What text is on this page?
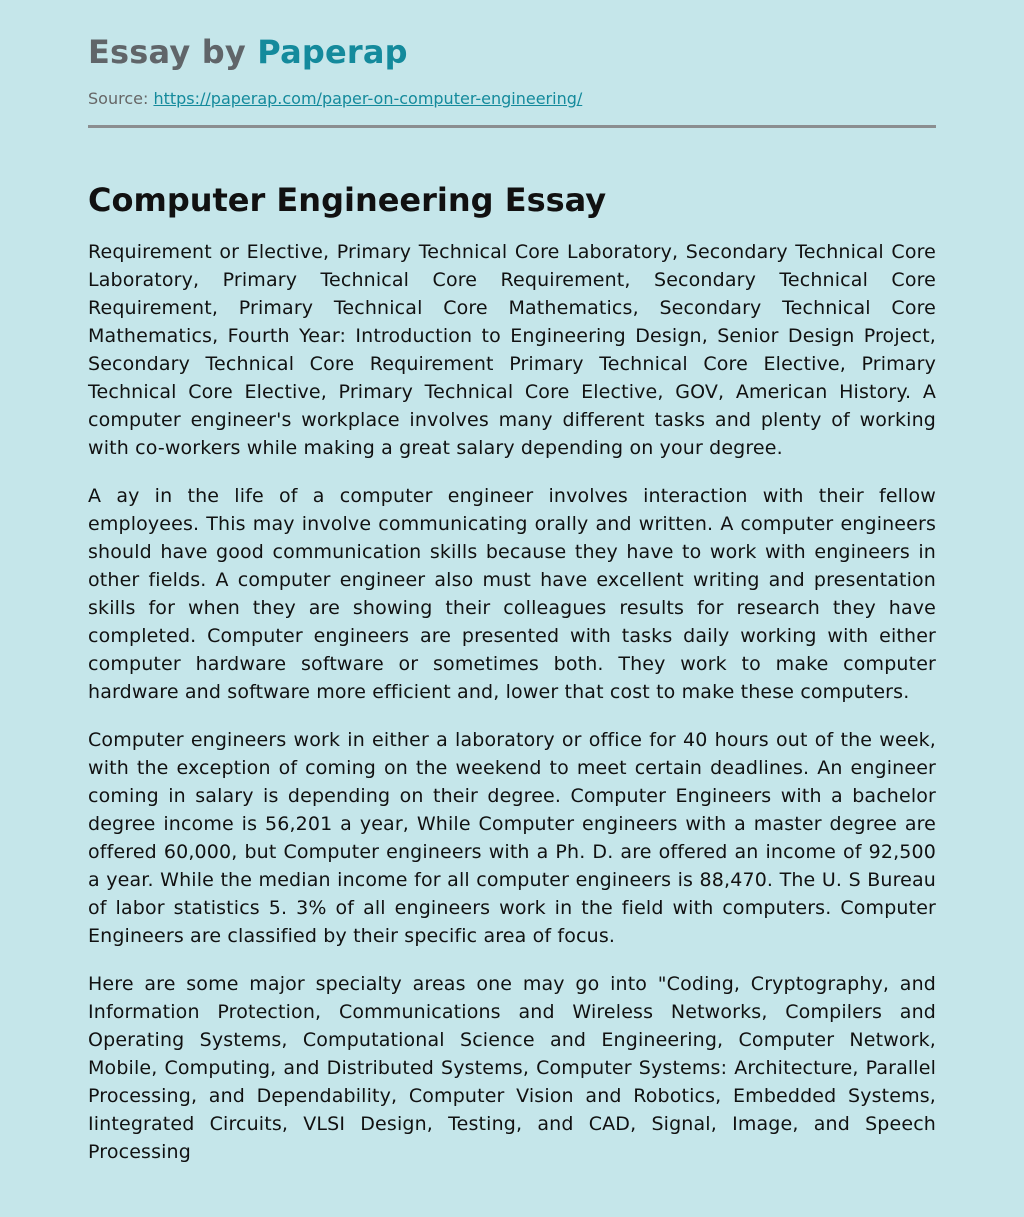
Essay by Paperap
Source: https://paperap.com/paper-on-computer-engineering/
Computer Engineering Essay

Requirement or Elective, Primary Technical Core Laboratory, Secondary Technical Core Laboratory, Primary Technical Core Requirement, Secondary Technical Core Requirement, Primary Technical Core Mathematics, Secondary Technical Core Mathematics, Fourth Year: Introduction to Engineering Design, Senior Design Project, Secondary Technical Core Requirement Primary Technical Core Elective, Primary Technical Core Elective, Primary Technical Core Elective, GOV, American History. A computer engineer's workplace involves many different tasks and plenty of working with co-workers while making a great salary depending on your degree.

A ay in the life of a computer engineer involves interaction with their fellow employees. This may involve communicating orally and written. A computer engineers should have good communication skills because they have to work with engineers in other fields. A computer engineer also must have excellent writing and presentation skills for when they are showing their colleagues results for research they have completed. Computer engineers are presented with tasks daily working with either computer hardware software or sometimes both. They work to make computer hardware and software more efficient and, lower that cost to make these computers.

Computer engineers work in either a laboratory or office for 40 hours out of the week, with the exception of coming on the weekend to meet certain deadlines. An engineer coming in salary is depending on their degree. Computer Engineers with a bachelor degree income is 56,201 a year, While Computer engineers with a master degree are offered 60,000, but Computer engineers with a Ph. D. are offered an income of 92,500 a year. While the median income for all computer engineers is 88,470. The U. S Bureau of labor statistics 5. 3% of all engineers work in the field with computers. Computer Engineers are classified by their specific area of focus.

Here are some major specialty areas one may go into "Coding, Cryptography, and Information Protection, Communications and Wireless Networks, Compilers and Operating Systems, Computational Science and Engineering, Computer Network, Mobile, Computing, and Distributed Systems, Computer Systems: Architecture, Parallel Processing, and Dependability, Computer Vision and Robotics, Embedded Systems, Iintegrated Circuits, VLSI Design, Testing, and CAD, Signal, Image, and Speech Processing
